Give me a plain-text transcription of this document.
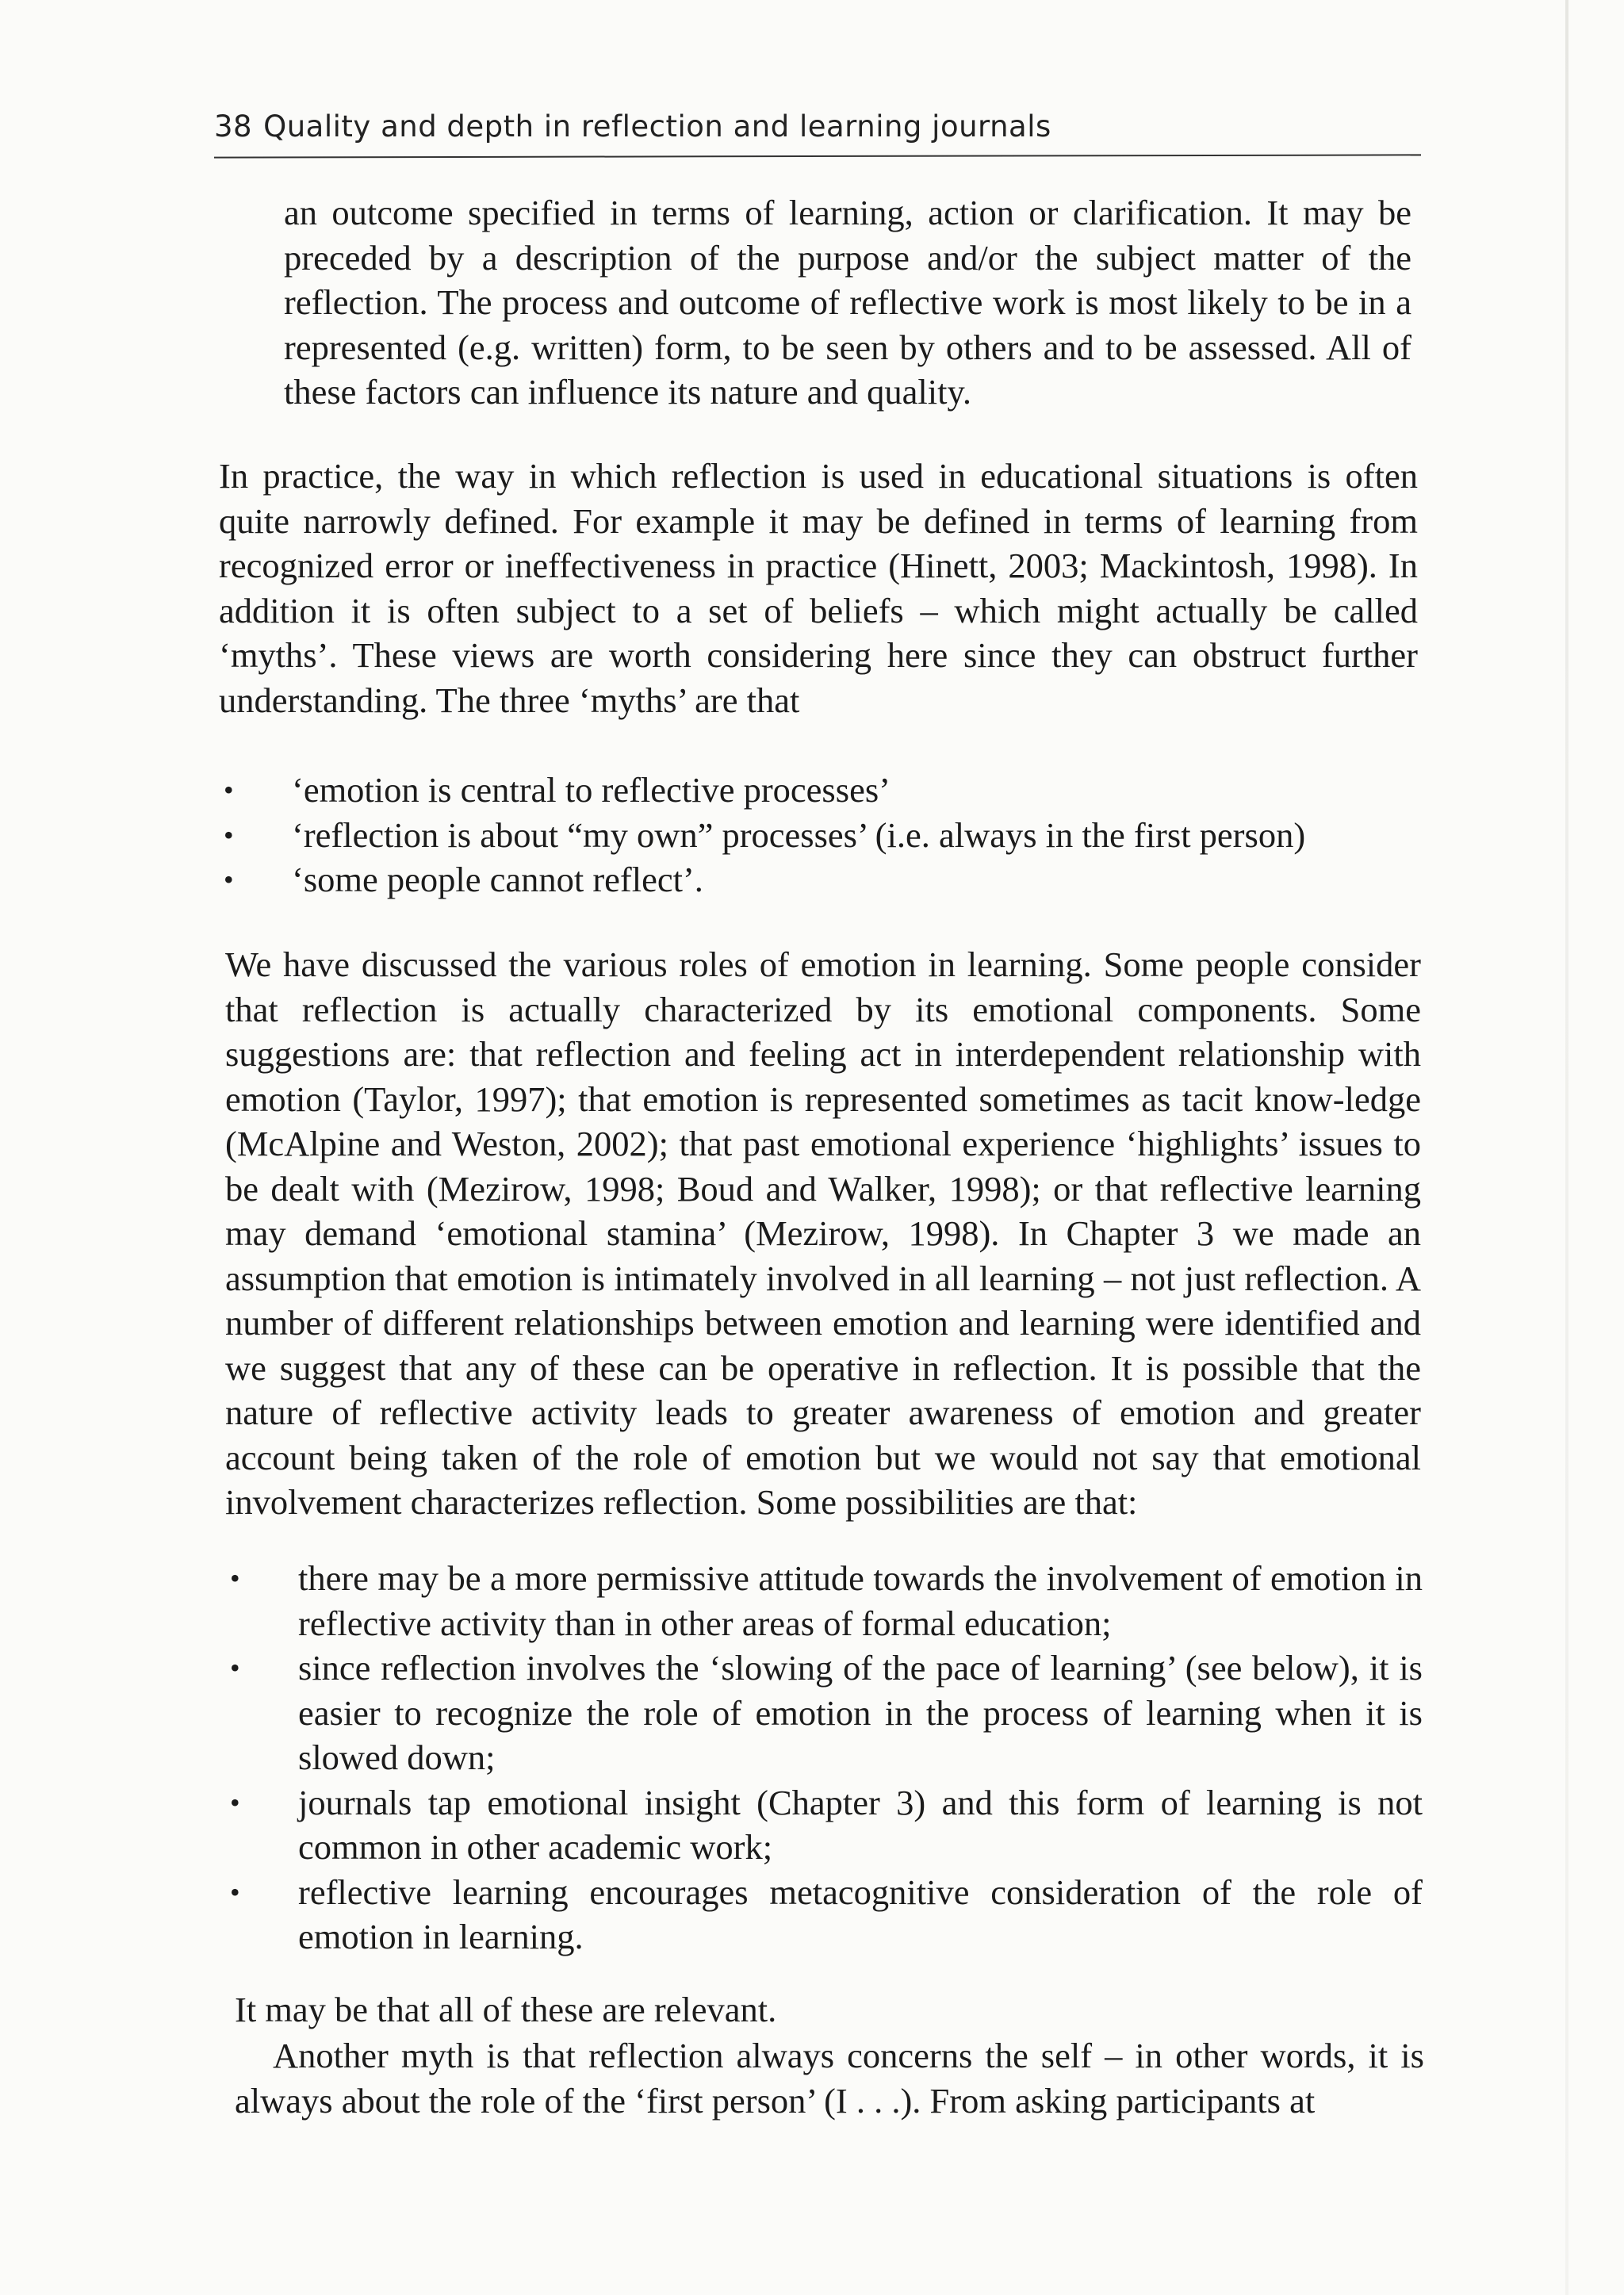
38 Quality and depth in reflection and learning journals

an outcome specified in terms of learning, action or clarification. It may be preceded by a description of the purpose and/or the subject matter of the reflection. The process and outcome of reflective work is most likely to be in a represented (e.g. written) form, to be seen by others and to be assessed. All of these factors can influence its nature and quality.

In practice, the way in which reflection is used in educational situations is often quite narrowly defined. For example it may be defined in terms of learning from recognized error or ineffectiveness in practice (Hinett, 2003; Mackintosh, 1998). In addition it is often subject to a set of beliefs – which might actually be called ‘myths’. These views are worth considering here since they can obstruct further understanding. The three ‘myths’ are that

• ‘emotion is central to reflective processes’
• ‘reflection is about “my own” processes’ (i.e. always in the first person)
• ‘some people cannot reflect’.

We have discussed the various roles of emotion in learning. Some people consider that reflection is actually characterized by its emotional components. Some suggestions are: that reflection and feeling act in interdependent relationship with emotion (Taylor, 1997); that emotion is represented sometimes as tacit know-ledge (McAlpine and Weston, 2002); that past emotional experience ‘highlights’ issues to be dealt with (Mezirow, 1998; Boud and Walker, 1998); or that reflective learning may demand ‘emotional stamina’ (Mezirow, 1998). In Chapter 3 we made an assumption that emotion is intimately involved in all learning – not just reflection. A number of different relationships between emotion and learning were identified and we suggest that any of these can be operative in reflection. It is possible that the nature of reflective activity leads to greater awareness of emotion and greater account being taken of the role of emotion but we would not say that emotional involvement characterizes reflection. Some possibilities are that:

• there may be a more permissive attitude towards the involvement of emotion in reflective activity than in other areas of formal education;
• since reflection involves the ‘slowing of the pace of learning’ (see below), it is easier to recognize the role of emotion in the process of learning when it is slowed down;
• journals tap emotional insight (Chapter 3) and this form of learning is not common in other academic work;
• reflective learning encourages metacognitive consideration of the role of emotion in learning.

It may be that all of these are relevant.

Another myth is that reflection always concerns the self – in other words, it is always about the role of the ‘first person’ (I . . .). From asking participants at
